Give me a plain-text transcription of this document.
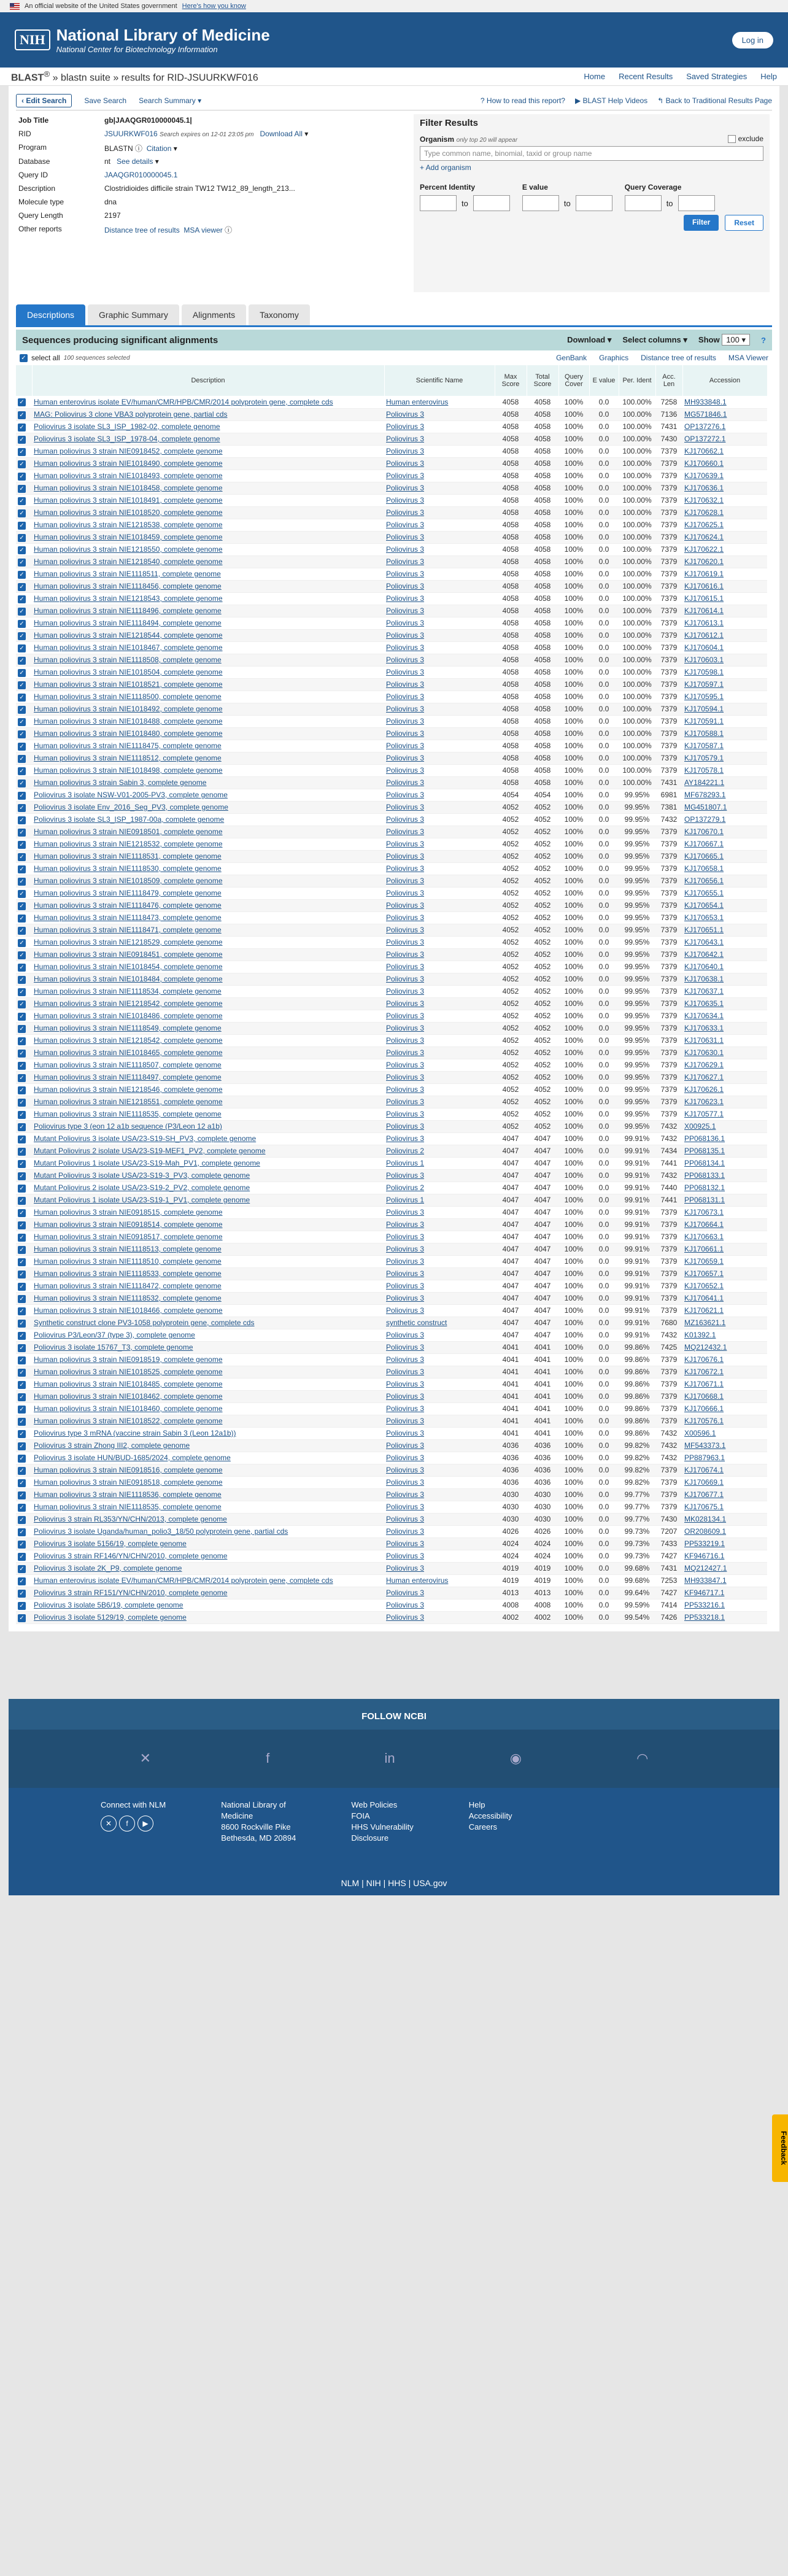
An official website of the United States government Here's how you know
NIH National Library of Medicine
National Center for Biotechnology Information
Log in
BLAST® » blastn suite » results for RID-JSUURKWF016	Home Recent Results Saved Strategies Help
‹ Edit Search	Save Search Search Summary ▾	? How to read this report? ▶ BLAST Help Videos ↰ Back to Traditional Results Page
Job Title	gb|JAAQGR010000045.1|
RID	JSUURKWF016 Search expires on 12-01 23:05 pm Download All ▾
Program	BLASTN ⓘ Citation ▾
Database	nt See details ▾
Query ID	JAAQGR010000045.1
Description	Clostridioides difficile strain TW12 TW12_89_length_213...
Molecule type	dna
Query Length	2197
Other reports	Distance tree of results MSA viewer ⓘ
Filter Results
Organism only top 20 will appear	exclude
Type common name, binomial, taxid or group name
+ Add organism
Percent Identity
to
E value
to
Query Coverage
to
Filter	Reset
Descriptions	Graphic Summary	Alignments	Taxonomy
Sequences producing significant alignments	Download ▾ Select columns ▾ Show 100 ▾	?
✓ select all 100 sequences selected	GenBank Graphics Distance tree of results MSA Viewer
	Description	Scientific Name	Max Score	Total Score	Query Cover	E value	Per. Ident	Acc. Len	Accession
✓	Human enterovirus isolate EV/human/CMR/HPB/CMR/2014 polyprotein gene, complete cds	Human enterovirus	4058	4058	100%	0.0	100.00%	7258	MH933848.1
✓	MAG: Poliovirus 3 clone VBA3 polyprotein gene, partial cds	Poliovirus 3	4058	4058	100%	0.0	100.00%	7136	MG571846.1
✓	Poliovirus 3 isolate SL3_ISP_1982-02, complete genome	Poliovirus 3	4058	4058	100%	0.0	100.00%	7431	OP137276.1
✓	Poliovirus 3 isolate SL3_ISP_1978-04, complete genome	Poliovirus 3	4058	4058	100%	0.0	100.00%	7430	OP137272.1
✓	Human poliovirus 3 strain NIE0918452, complete genome	Poliovirus 3	4058	4058	100%	0.0	100.00%	7379	KJ170662.1
✓	Human poliovirus 3 strain NIE1018490, complete genome	Poliovirus 3	4058	4058	100%	0.0	100.00%	7379	KJ170660.1
✓	Human poliovirus 3 strain NIE1018493, complete genome	Poliovirus 3	4058	4058	100%	0.0	100.00%	7379	KJ170639.1
✓	Human poliovirus 3 strain NIE1018458, complete genome	Poliovirus 3	4058	4058	100%	0.0	100.00%	7379	KJ170636.1
✓	Human poliovirus 3 strain NIE1018491, complete genome	Poliovirus 3	4058	4058	100%	0.0	100.00%	7379	KJ170632.1
✓	Human poliovirus 3 strain NIE1018520, complete genome	Poliovirus 3	4058	4058	100%	0.0	100.00%	7379	KJ170628.1
✓	Human poliovirus 3 strain NIE1218538, complete genome	Poliovirus 3	4058	4058	100%	0.0	100.00%	7379	KJ170625.1
✓	Human poliovirus 3 strain NIE1018459, complete genome	Poliovirus 3	4058	4058	100%	0.0	100.00%	7379	KJ170624.1
✓	Human poliovirus 3 strain NIE1218550, complete genome	Poliovirus 3	4058	4058	100%	0.0	100.00%	7379	KJ170622.1
✓	Human poliovirus 3 strain NIE1218540, complete genome	Poliovirus 3	4058	4058	100%	0.0	100.00%	7379	KJ170620.1
✓	Human poliovirus 3 strain NIE1118511, complete genome	Poliovirus 3	4058	4058	100%	0.0	100.00%	7379	KJ170619.1
✓	Human poliovirus 3 strain NIE1118456, complete genome	Poliovirus 3	4058	4058	100%	0.0	100.00%	7379	KJ170616.1
✓	Human poliovirus 3 strain NIE1218543, complete genome	Poliovirus 3	4058	4058	100%	0.0	100.00%	7379	KJ170615.1
✓	Human poliovirus 3 strain NIE1118496, complete genome	Poliovirus 3	4058	4058	100%	0.0	100.00%	7379	KJ170614.1
✓	Human poliovirus 3 strain NIE1118494, complete genome	Poliovirus 3	4058	4058	100%	0.0	100.00%	7379	KJ170613.1
✓	Human poliovirus 3 strain NIE1218544, complete genome	Poliovirus 3	4058	4058	100%	0.0	100.00%	7379	KJ170612.1
✓	Human poliovirus 3 strain NIE1018467, complete genome	Poliovirus 3	4058	4058	100%	0.0	100.00%	7379	KJ170604.1
✓	Human poliovirus 3 strain NIE1118508, complete genome	Poliovirus 3	4058	4058	100%	0.0	100.00%	7379	KJ170603.1
✓	Human poliovirus 3 strain NIE1018504, complete genome	Poliovirus 3	4058	4058	100%	0.0	100.00%	7379	KJ170598.1
✓	Human poliovirus 3 strain NIE1018521, complete genome	Poliovirus 3	4058	4058	100%	0.0	100.00%	7379	KJ170597.1
✓	Human poliovirus 3 strain NIE1118500, complete genome	Poliovirus 3	4058	4058	100%	0.0	100.00%	7379	KJ170595.1
✓	Human poliovirus 3 strain NIE1018492, complete genome	Poliovirus 3	4058	4058	100%	0.0	100.00%	7379	KJ170594.1
✓	Human poliovirus 3 strain NIE1018488, complete genome	Poliovirus 3	4058	4058	100%	0.0	100.00%	7379	KJ170591.1
✓	Human poliovirus 3 strain NIE1018480, complete genome	Poliovirus 3	4058	4058	100%	0.0	100.00%	7379	KJ170588.1
✓	Human poliovirus 3 strain NIE1118475, complete genome	Poliovirus 3	4058	4058	100%	0.0	100.00%	7379	KJ170587.1
✓	Human poliovirus 3 strain NIE1118512, complete genome	Poliovirus 3	4058	4058	100%	0.0	100.00%	7379	KJ170579.1
✓	Human poliovirus 3 strain NIE1018498, complete genome	Poliovirus 3	4058	4058	100%	0.0	100.00%	7379	KJ170578.1
✓	Human poliovirus 3 strain Sabin 3, complete genome	Poliovirus 3	4058	4058	100%	0.0	100.00%	7431	AY184221.1
✓	Poliovirus 3 isolate NSW-V01-2005-PV3, complete genome	Poliovirus 3	4054	4054	100%	0.0	99.95%	6981	MF678293.1
✓	Poliovirus 3 isolate Env_2016_Seg_PV3, complete genome	Poliovirus 3	4052	4052	100%	0.0	99.95%	7381	MG451807.1
✓	Poliovirus 3 isolate SL3_ISP_1987-00a, complete genome	Poliovirus 3	4052	4052	100%	0.0	99.95%	7432	OP137279.1
✓	Human poliovirus 3 strain NIE0918501, complete genome	Poliovirus 3	4052	4052	100%	0.0	99.95%	7379	KJ170670.1
✓	Human poliovirus 3 strain NIE1218532, complete genome	Poliovirus 3	4052	4052	100%	0.0	99.95%	7379	KJ170667.1
✓	Human poliovirus 3 strain NIE1118531, complete genome	Poliovirus 3	4052	4052	100%	0.0	99.95%	7379	KJ170665.1
✓	Human poliovirus 3 strain NIE1118530, complete genome	Poliovirus 3	4052	4052	100%	0.0	99.95%	7379	KJ170658.1
✓	Human poliovirus 3 strain NIE1018509, complete genome	Poliovirus 3	4052	4052	100%	0.0	99.95%	7379	KJ170656.1
✓	Human poliovirus 3 strain NIE1118479, complete genome	Poliovirus 3	4052	4052	100%	0.0	99.95%	7379	KJ170655.1
✓	Human poliovirus 3 strain NIE1118476, complete genome	Poliovirus 3	4052	4052	100%	0.0	99.95%	7379	KJ170654.1
✓	Human poliovirus 3 strain NIE1118473, complete genome	Poliovirus 3	4052	4052	100%	0.0	99.95%	7379	KJ170653.1
✓	Human poliovirus 3 strain NIE1118471, complete genome	Poliovirus 3	4052	4052	100%	0.0	99.95%	7379	KJ170651.1
✓	Human poliovirus 3 strain NIE1218529, complete genome	Poliovirus 3	4052	4052	100%	0.0	99.95%	7379	KJ170643.1
✓	Human poliovirus 3 strain NIE0918451, complete genome	Poliovirus 3	4052	4052	100%	0.0	99.95%	7379	KJ170642.1
✓	Human poliovirus 3 strain NIE1018454, complete genome	Poliovirus 3	4052	4052	100%	0.0	99.95%	7379	KJ170640.1
✓	Human poliovirus 3 strain NIE1018484, complete genome	Poliovirus 3	4052	4052	100%	0.0	99.95%	7379	KJ170638.1
✓	Human poliovirus 3 strain NIE1118534, complete genome	Poliovirus 3	4052	4052	100%	0.0	99.95%	7379	KJ170637.1
✓	Human poliovirus 3 strain NIE1218542, complete genome	Poliovirus 3	4052	4052	100%	0.0	99.95%	7379	KJ170635.1
✓	Human poliovirus 3 strain NIE1018486, complete genome	Poliovirus 3	4052	4052	100%	0.0	99.95%	7379	KJ170634.1
✓	Human poliovirus 3 strain NIE1118549, complete genome	Poliovirus 3	4052	4052	100%	0.0	99.95%	7379	KJ170633.1
✓	Human poliovirus 3 strain NIE1218542, complete genome	Poliovirus 3	4052	4052	100%	0.0	99.95%	7379	KJ170631.1
✓	Human poliovirus 3 strain NIE1018465, complete genome	Poliovirus 3	4052	4052	100%	0.0	99.95%	7379	KJ170630.1
✓	Human poliovirus 3 strain NIE1118507, complete genome	Poliovirus 3	4052	4052	100%	0.0	99.95%	7379	KJ170629.1
✓	Human poliovirus 3 strain NIE1118497, complete genome	Poliovirus 3	4052	4052	100%	0.0	99.95%	7379	KJ170627.1
✓	Human poliovirus 3 strain NIE1218546, complete genome	Poliovirus 3	4052	4052	100%	0.0	99.95%	7379	KJ170626.1
✓	Human poliovirus 3 strain NIE1218551, complete genome	Poliovirus 3	4052	4052	100%	0.0	99.95%	7379	KJ170623.1
✓	Human poliovirus 3 strain NIE1118535, complete genome	Poliovirus 3	4052	4052	100%	0.0	99.95%	7379	KJ170577.1
✓	Poliovirus type 3 (eon 12 a1b sequence (P3/Leon 12 a1b)	Poliovirus 3	4052	4052	100%	0.0	99.95%	7432	X00925.1
✓	Mutant Poliovirus 3 isolate USA/23-S19-SH_PV3, complete genome	Poliovirus 3	4047	4047	100%	0.0	99.91%	7432	PP068136.1
✓	Mutant Poliovirus 2 isolate USA/23-S19-MEF1_PV2, complete genome	Poliovirus 2	4047	4047	100%	0.0	99.91%	7434	PP068135.1
✓	Mutant Poliovirus 1 isolate USA/23-S19-Mah_PV1, complete genome	Poliovirus 1	4047	4047	100%	0.0	99.91%	7441	PP068134.1
✓	Mutant Poliovirus 3 isolate USA/23-S19-3_PV3, complete genome	Poliovirus 3	4047	4047	100%	0.0	99.91%	7432	PP068133.1
✓	Mutant Poliovirus 2 isolate USA/23-S19-2_PV2, complete genome	Poliovirus 2	4047	4047	100%	0.0	99.91%	7440	PP068132.1
✓	Mutant Poliovirus 1 isolate USA/23-S19-1_PV1, complete genome	Poliovirus 1	4047	4047	100%	0.0	99.91%	7441	PP068131.1
✓	Human poliovirus 3 strain NIE0918515, complete genome	Poliovirus 3	4047	4047	100%	0.0	99.91%	7379	KJ170673.1
✓	Human poliovirus 3 strain NIE0918514, complete genome	Poliovirus 3	4047	4047	100%	0.0	99.91%	7379	KJ170664.1
✓	Human poliovirus 3 strain NIE0918517, complete genome	Poliovirus 3	4047	4047	100%	0.0	99.91%	7379	KJ170663.1
✓	Human poliovirus 3 strain NIE1118513, complete genome	Poliovirus 3	4047	4047	100%	0.0	99.91%	7379	KJ170661.1
✓	Human poliovirus 3 strain NIE1118510, complete genome	Poliovirus 3	4047	4047	100%	0.0	99.91%	7379	KJ170659.1
✓	Human poliovirus 3 strain NIE1118533, complete genome	Poliovirus 3	4047	4047	100%	0.0	99.91%	7379	KJ170657.1
✓	Human poliovirus 3 strain NIE1118472, complete genome	Poliovirus 3	4047	4047	100%	0.0	99.91%	7379	KJ170652.1
✓	Human poliovirus 3 strain NIE1118532, complete genome	Poliovirus 3	4047	4047	100%	0.0	99.91%	7379	KJ170641.1
✓	Human poliovirus 3 strain NIE1018466, complete genome	Poliovirus 3	4047	4047	100%	0.0	99.91%	7379	KJ170621.1
✓	Synthetic construct clone PV3-1058 polyprotein gene, complete cds	synthetic construct	4047	4047	100%	0.0	99.91%	7680	MZ163621.1
✓	Poliovirus P3/Leon/37 (type 3), complete genome	Poliovirus 3	4047	4047	100%	0.0	99.91%	7432	K01392.1
✓	Poliovirus 3 isolate 15767_T3, complete genome	Poliovirus 3	4041	4041	100%	0.0	99.86%	7425	MQ212432.1
✓	Human poliovirus 3 strain NIE0918519, complete genome	Poliovirus 3	4041	4041	100%	0.0	99.86%	7379	KJ170676.1
✓	Human poliovirus 3 strain NIE1018525, complete genome	Poliovirus 3	4041	4041	100%	0.0	99.86%	7379	KJ170672.1
✓	Human poliovirus 3 strain NIE1018485, complete genome	Poliovirus 3	4041	4041	100%	0.0	99.86%	7379	KJ170671.1
✓	Human poliovirus 3 strain NIE1018462, complete genome	Poliovirus 3	4041	4041	100%	0.0	99.86%	7379	KJ170668.1
✓	Human poliovirus 3 strain NIE1018460, complete genome	Poliovirus 3	4041	4041	100%	0.0	99.86%	7379	KJ170666.1
✓	Human poliovirus 3 strain NIE1018522, complete genome	Poliovirus 3	4041	4041	100%	0.0	99.86%	7379	KJ170576.1
✓	Poliovirus type 3 mRNA (vaccine strain Sabin 3 (Leon 12a1b))	Poliovirus 3	4041	4041	100%	0.0	99.86%	7432	X00596.1
✓	Poliovirus 3 strain Zhong III2, complete genome	Poliovirus 3	4036	4036	100%	0.0	99.82%	7432	MF543373.1
✓	Poliovirus 3 isolate HUN/BUD-1685/2024, complete genome	Poliovirus 3	4036	4036	100%	0.0	99.82%	7432	PP887963.1
✓	Human poliovirus 3 strain NIE0918516, complete genome	Poliovirus 3	4036	4036	100%	0.0	99.82%	7379	KJ170674.1
✓	Human poliovirus 3 strain NIE0918518, complete genome	Poliovirus 3	4036	4036	100%	0.0	99.82%	7379	KJ170669.1
✓	Human poliovirus 3 strain NIE1118536, complete genome	Poliovirus 3	4030	4030	100%	0.0	99.77%	7379	KJ170677.1
✓	Human poliovirus 3 strain NIE1118535, complete genome	Poliovirus 3	4030	4030	100%	0.0	99.77%	7379	KJ170675.1
✓	Poliovirus 3 strain RL353/YN/CHN/2013, complete genome	Poliovirus 3	4030	4030	100%	0.0	99.77%	7430	MK028134.1
✓	Poliovirus 3 isolate Uganda/human_polio3_18/50 polyprotein gene, partial cds	Poliovirus 3	4026	4026	100%	0.0	99.73%	7207	OR208609.1
✓	Poliovirus 3 isolate 5156/19, complete genome	Poliovirus 3	4024	4024	100%	0.0	99.73%	7433	PP533219.1
✓	Poliovirus 3 strain RF146/YN/CHN/2010, complete genome	Poliovirus 3	4024	4024	100%	0.0	99.73%	7427	KF946716.1
✓	Poliovirus 3 isolate 2K_P9, complete genome	Poliovirus 3	4019	4019	100%	0.0	99.68%	7431	MQ212427.1
✓	Human enterovirus isolate EV/human/CMR/HPB/CMR/2014 polyprotein gene, complete cds	Human enterovirus	4019	4019	100%	0.0	99.68%	7253	MH933847.1
✓	Poliovirus 3 strain RF151/YN/CHN/2010, complete genome	Poliovirus 3	4013	4013	100%	0.0	99.64%	7427	KF946717.1
✓	Poliovirus 3 isolate 5B6/19, complete genome	Poliovirus 3	4008	4008	100%	0.0	99.59%	7414	PP533216.1
✓	Poliovirus 3 isolate 5129/19, complete genome	Poliovirus 3	4002	4002	100%	0.0	99.54%	7426	PP533218.1
FOLLOW NCBI
✕	f	in	◉	◠
Connect with NLM
✕ f ▶
National Library of
Medicine
8600 Rockville Pike
Bethesda, MD 20894
Web Policies
FOIA
HHS Vulnerability
Disclosure
Help
Accessibility
Careers
NLM | NIH | HHS | USA.gov
Feedback
